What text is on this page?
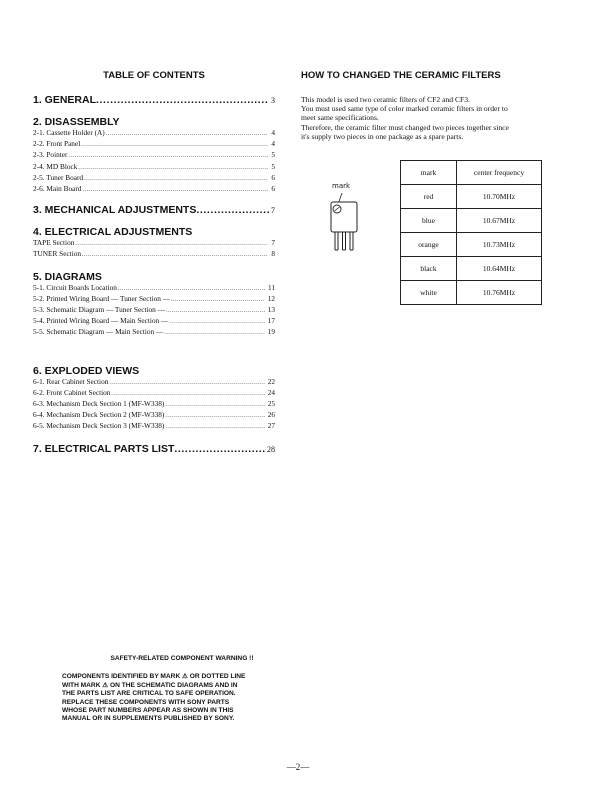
TABLE OF CONTENTS
1. GENERAL .....	3
2. DISASSEMBLY
2-1. Cassette Holder (A) .....	4
2-2. Front Panel .....	4
2-3. Pointer .....	5
2-4. MD Block .....	5
2-5. Tuner Board .....	6
2-6. Main Board .....	6
3. MECHANICAL ADJUSTMENTS .....	7
4. ELECTRICAL ADJUSTMENTS
TAPE Section .....	7
TUNER Section .....	8
5. DIAGRAMS
5-1. Circuit Boards Location .....	11
5-2. Printed Wiring Board — Tuner Section — .....	12
5-3. Schematic Diagram — Tuner Section — .....	13
5-4. Printed Wiring Board — Main Section — .....	17
5-5. Schematic Diagram — Main Section — .....	19
6. EXPLODED VIEWS
6-1. Rear Cabinet Section .....	22
6-2. Front Cabinet Section .....	24
6-3. Mechanism Deck Section 1 (MF-W338) .....	25
6-4. Mechanism Deck Section 2 (MF-W338) .....	26
6-5. Mechanism Deck Section 3 (MF-W338) .....	27
7. ELECTRICAL PARTS LIST .....	28
HOW TO CHANGED THE CERAMIC FILTERS

This model is used two ceramic filters of CF2 and CF3.

You must used same type of color marked ceramic filters in order to

meet same specifications.

Therefore, the ceramic filter must changed two pieces together since

it's supply two pieces in one package as a spare parts.

mark
mark	center frequency
red	10.70MHz
blue	10.67MHz
orange	10.73MHz
black	10.64MHz
white	10.76MHz
SAFETY-RELATED COMPONENT WARNING !!
COMPONENTS IDENTIFIED BY MARK ⚠ OR DOTTED LINE
WITH MARK ⚠ ON THE SCHEMATIC DIAGRAMS AND IN
THE PARTS LIST ARE CRITICAL TO SAFE OPERATION.
REPLACE THESE COMPONENTS WITH SONY PARTS
WHOSE PART NUMBERS APPEAR AS SHOWN IN THIS
MANUAL OR IN SUPPLEMENTS PUBLISHED BY SONY.
—2—
